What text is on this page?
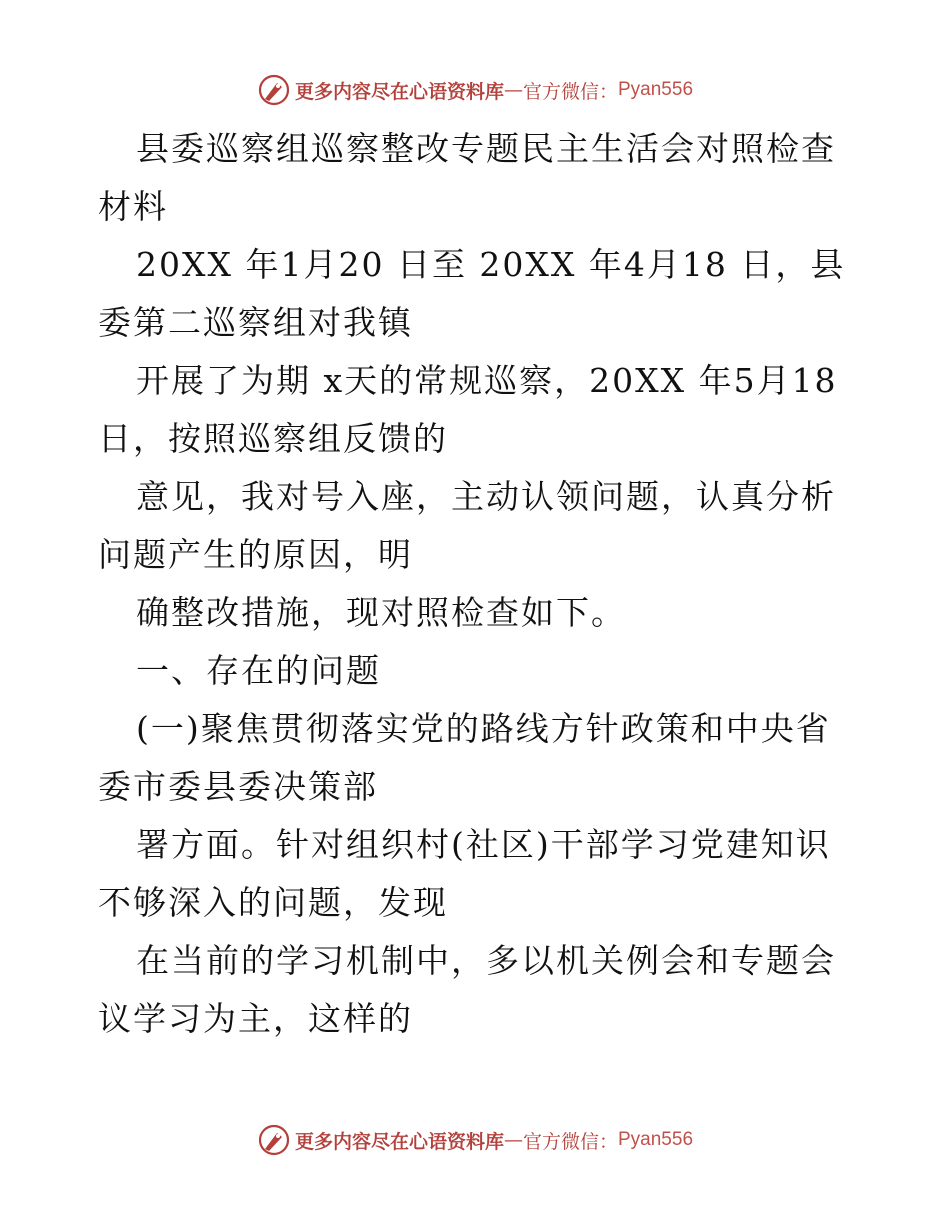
更多内容尽在心语资料库 — 官方微信： Pyan556

县委巡察组巡察整改专题民主生活会对照检查材料

20XX 年1月20 日至 20XX 年4月18 日，县委第二巡察组对我镇

开展了为期 x天的常规巡察，20XX 年5月18 日，按照巡察组反馈的

意见，我对号入座，主动认领问题，认真分析问题产生的原因，明

确整改措施，现对照检查如下。

一、存在的问题

(一)聚焦贯彻落实党的路线方针政策和中央省委市委县委决策部

署方面。针对组织村(社区)干部学习党建知识不够深入的问题，发现

在当前的学习机制中，多以机关例会和专题会议学习为主，这样的

更多内容尽在心语资料库 — 官方微信： Pyan556
